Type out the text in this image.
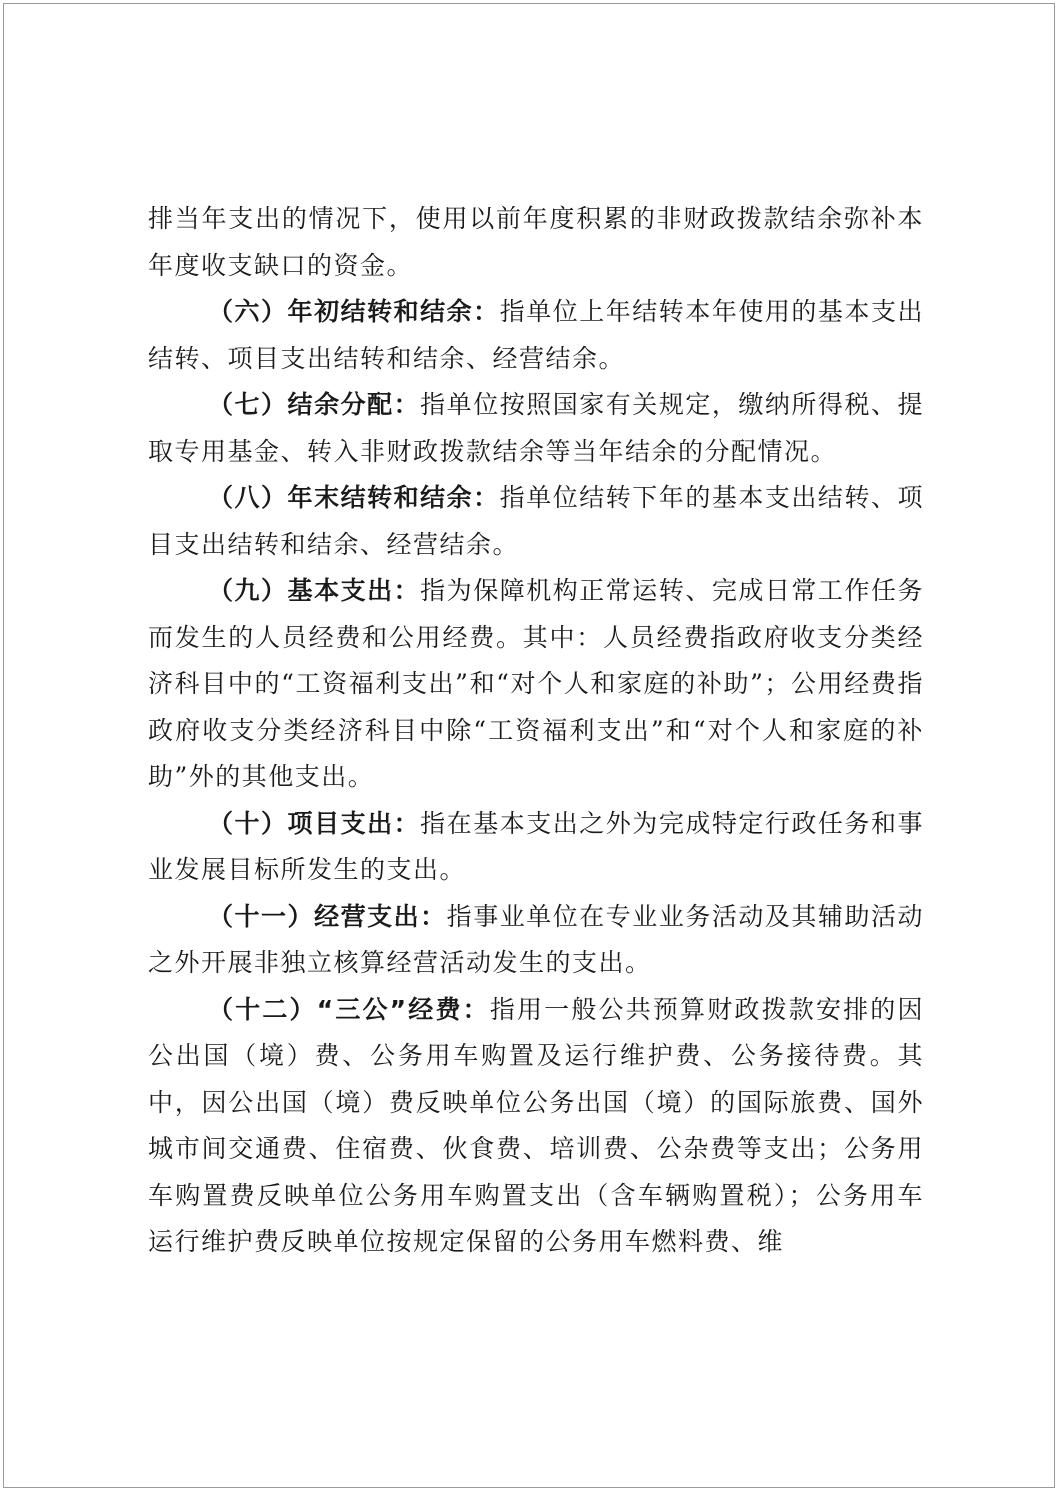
排当年支出的情况下，使用以前年度积累的非财政拨款结余弥补本年度收支缺口的资金。

（六）年初结转和结余：指单位上年结转本年使用的基本支出结转、项目支出结转和结余、经营结余。

（七）结余分配：指单位按照国家有关规定，缴纳所得税、提取专用基金、转入非财政拨款结余等当年结余的分配情况。

（八）年末结转和结余：指单位结转下年的基本支出结转、项目支出结转和结余、经营结余。

（九）基本支出：指为保障机构正常运转、完成日常工作任务而发生的人员经费和公用经费。其中：人员经费指政府收支分类经济科目中的“工资福利支出”和“对个人和家庭的补助”；公用经费指政府收支分类经济科目中除“工资福利支出”和“对个人和家庭的补助”外的其他支出。

（十）项目支出：指在基本支出之外为完成特定行政任务和事业发展目标所发生的支出。

（十一）经营支出：指事业单位在专业业务活动及其辅助活动之外开展非独立核算经营活动发生的支出。

（十二）“三公”经费：指用一般公共预算财政拨款安排的因公出国（境）费、公务用车购置及运行维护费、公务接待费。其中，因公出国（境）费反映单位公务出国（境）的国际旅费、国外城市间交通费、住宿费、伙食费、培训费、公杂费等支出；公务用车购置费反映单位公务用车购置支出（含车辆购置税）；公务用车运行维护费反映单位按规定保留的公务用车燃料费、维
